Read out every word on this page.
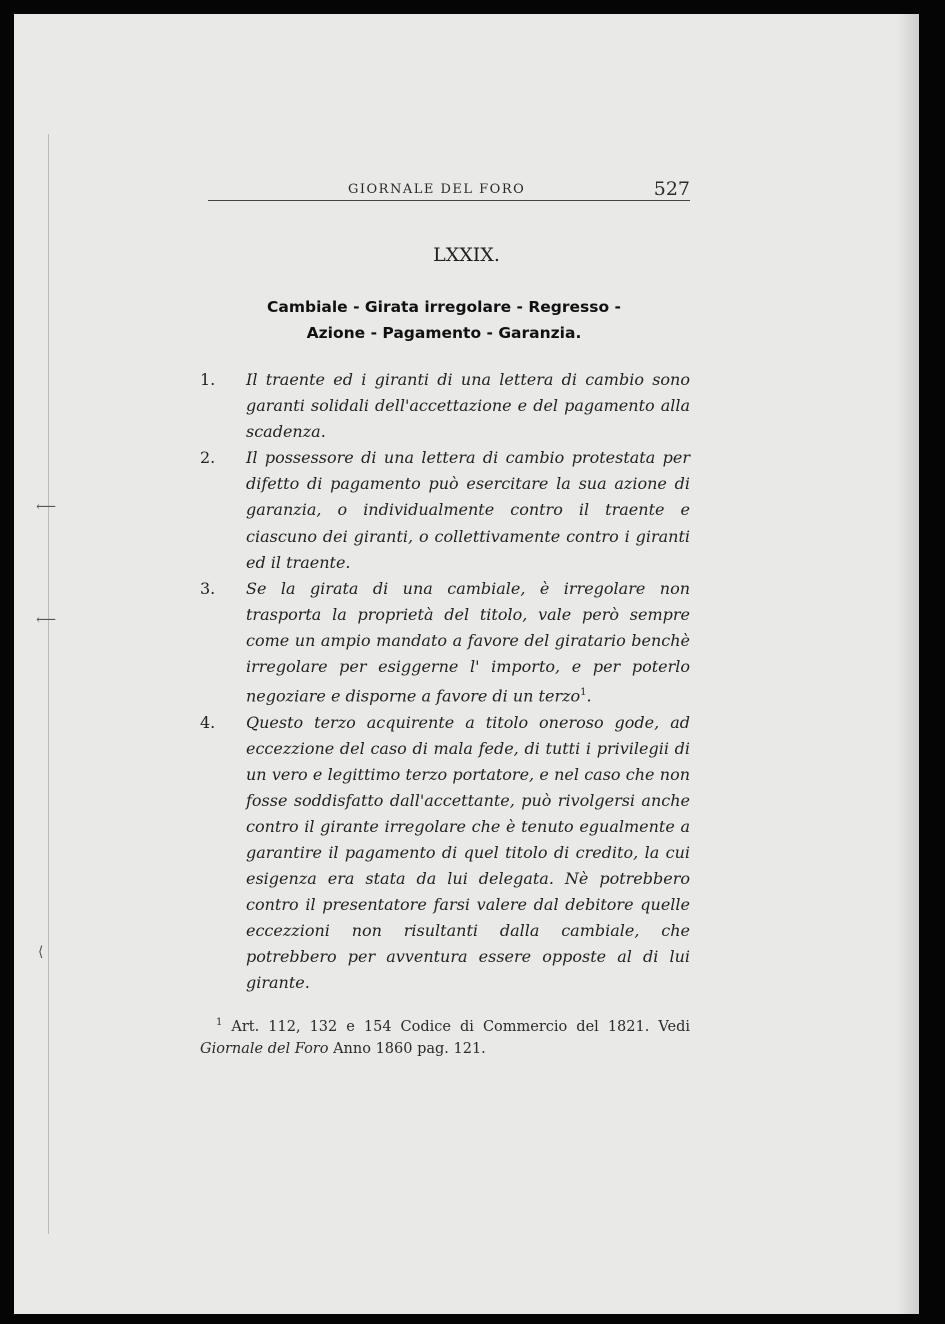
⟵
⟵
⟨
GIORNALE DEL FORO	527
LXXIX.
Cambiale - Girata irregolare - Regresso -
Azione - Pagamento - Garanzia.

1. Il traente ed i giranti di una lettera di cambio sono garanti solidali dell'accettazione e del pagamento alla scadenza.

2. Il possessore di una lettera di cambio protestata per difetto di pagamento può esercitare la sua azione di garanzia, o individualmente contro il traente e ciascuno dei giranti, o collettivamente contro i giranti ed il traente.

3. Se la girata di una cambiale, è irregolare non trasporta la proprietà del titolo, vale però sempre come un ampio mandato a favore del giratario benchè irregolare per esiggerne l' importo, e per poterlo negoziare e disporne a favore di un terzo$^1$.

4. Questo terzo acquirente a titolo oneroso gode, ad eccezzione del caso di mala fede, di tutti i privilegii di un vero e legittimo terzo portatore, e nel caso che non fosse soddisfatto dall'accettante, può rivolgersi anche contro il girante irregolare che è tenuto egualmente a garantire il pagamento di quel titolo di credito, la cui esigenza era stata da lui delegata. Nè potrebbero contro il presentatore farsi valere dal debitore quelle eccezzioni non risultanti dalla cambiale, che potrebbero per avventura essere opposte al di lui girante.

$^1$ Art. 112, 132 e 154 Codice di Commercio del 1821. Vedi Giornale del Foro Anno 1860 pag. 121.
